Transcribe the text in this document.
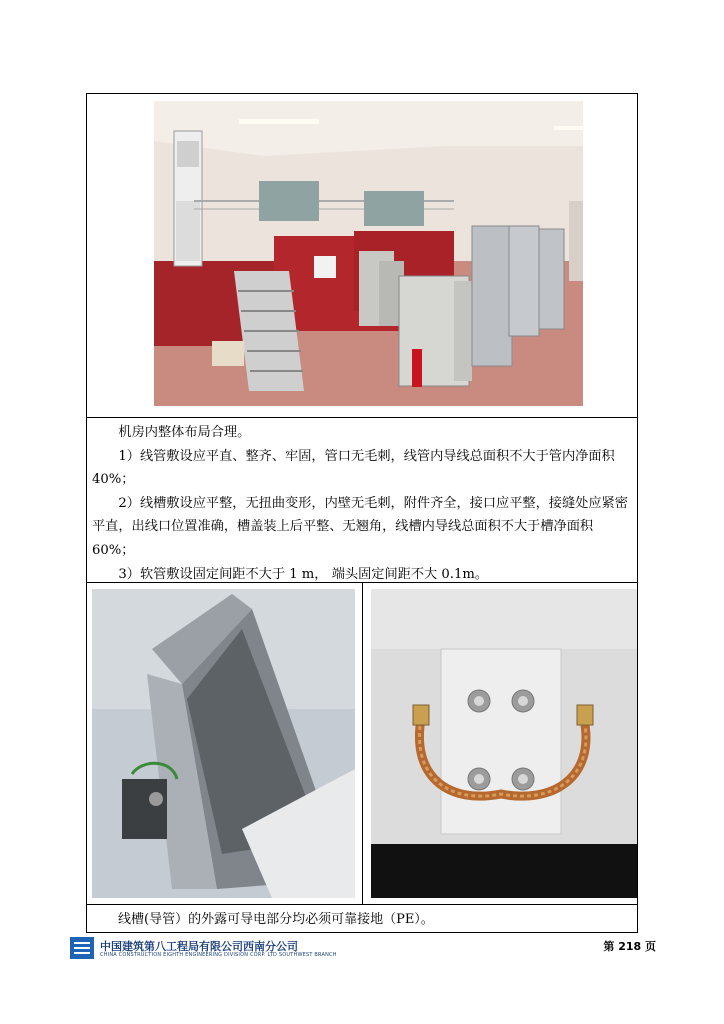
机房内整体布局合理。

1）线管敷设应平直、整齐、牢固，管口无毛刺，线管内导线总面积不大于管内净面积 40%；

2）线槽敷设应平整，无扭曲变形，内壁无毛刺，附件齐全，接口应平整，接缝处应紧密平直，出线口位置准确，槽盖装上后平整、无翘角，线槽内导线总面积不大于槽净面积 60%；

3）软管敷设固定间距不大于 1 m， 端头固定间距不大 0.1m。

线槽(导管）的外露可导电部分均必须可靠接地（PE）。
中国建筑第八工程局有限公司西南分公司
CHINA CONSTRUCTION EIGHTH ENGINEERING DIVISION CORP. LTD SOUTHWEST BRANCH
第 218 页
